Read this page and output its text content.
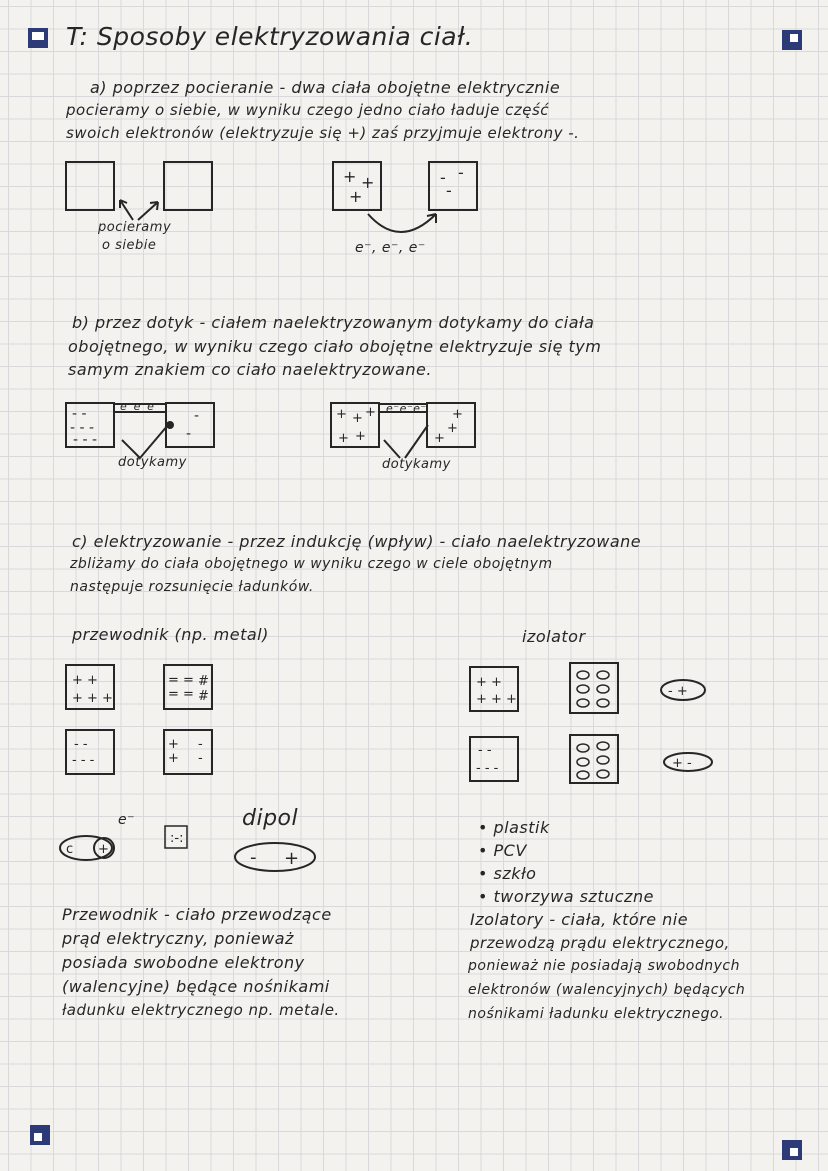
T: Sposoby elektryzowania ciał.
a) poprzez pocieranie - dwa ciała obojętne elektrycznie
pocieramy o siebie, w wyniku czego jedno ciało ładuje część
swoich elektronów (elektryzuje się +) zaś przyjmuje elektrony -.
pocieramy
o siebie	e⁻, e⁻, e⁻
b) przez dotyk - ciałem naelektryzowanym dotykamy do ciała
obojętnego, w wyniku czego ciało obojętne elektryzuje się tym
samym znakiem co ciało naelektryzowane.
e⁻e⁻e⁻	e⁻e⁻e⁻
dotykamy	dotykamy
c) elektryzowanie - przez indukcję (wpływ) - ciało naelektryzowane
zbliżamy do ciała obojętnego w wyniku czego w ciele obojętnym
następuje rozsunięcie ładunków.
przewodnik (np. metal)	izolator
e⁻	dipol	• plastik
• PCV
• szkło
• tworzywa sztuczne
Przewodnik - ciało przewodzące
prąd elektryczny, ponieważ
posiada swobodne elektrony
(walencyjne) będące nośnikami
ładunku elektrycznego np. metale.
Izolatory - ciała, które nie
przewodzą prądu elektrycznego,
ponieważ nie posiadają swobodnych
elektronów (walencyjnych) będących
nośnikami ładunku elektrycznego.
+ +
+
- -
-
- -
- - -
- - -
-
-
+ + +
+ +
+
+
+
+ +
+ + +
- -
- - -
= =
= =
#
#
+
+
-
-
+ +
+ + +
- -
- - -
- +
+ -
c +
:-:
- +
